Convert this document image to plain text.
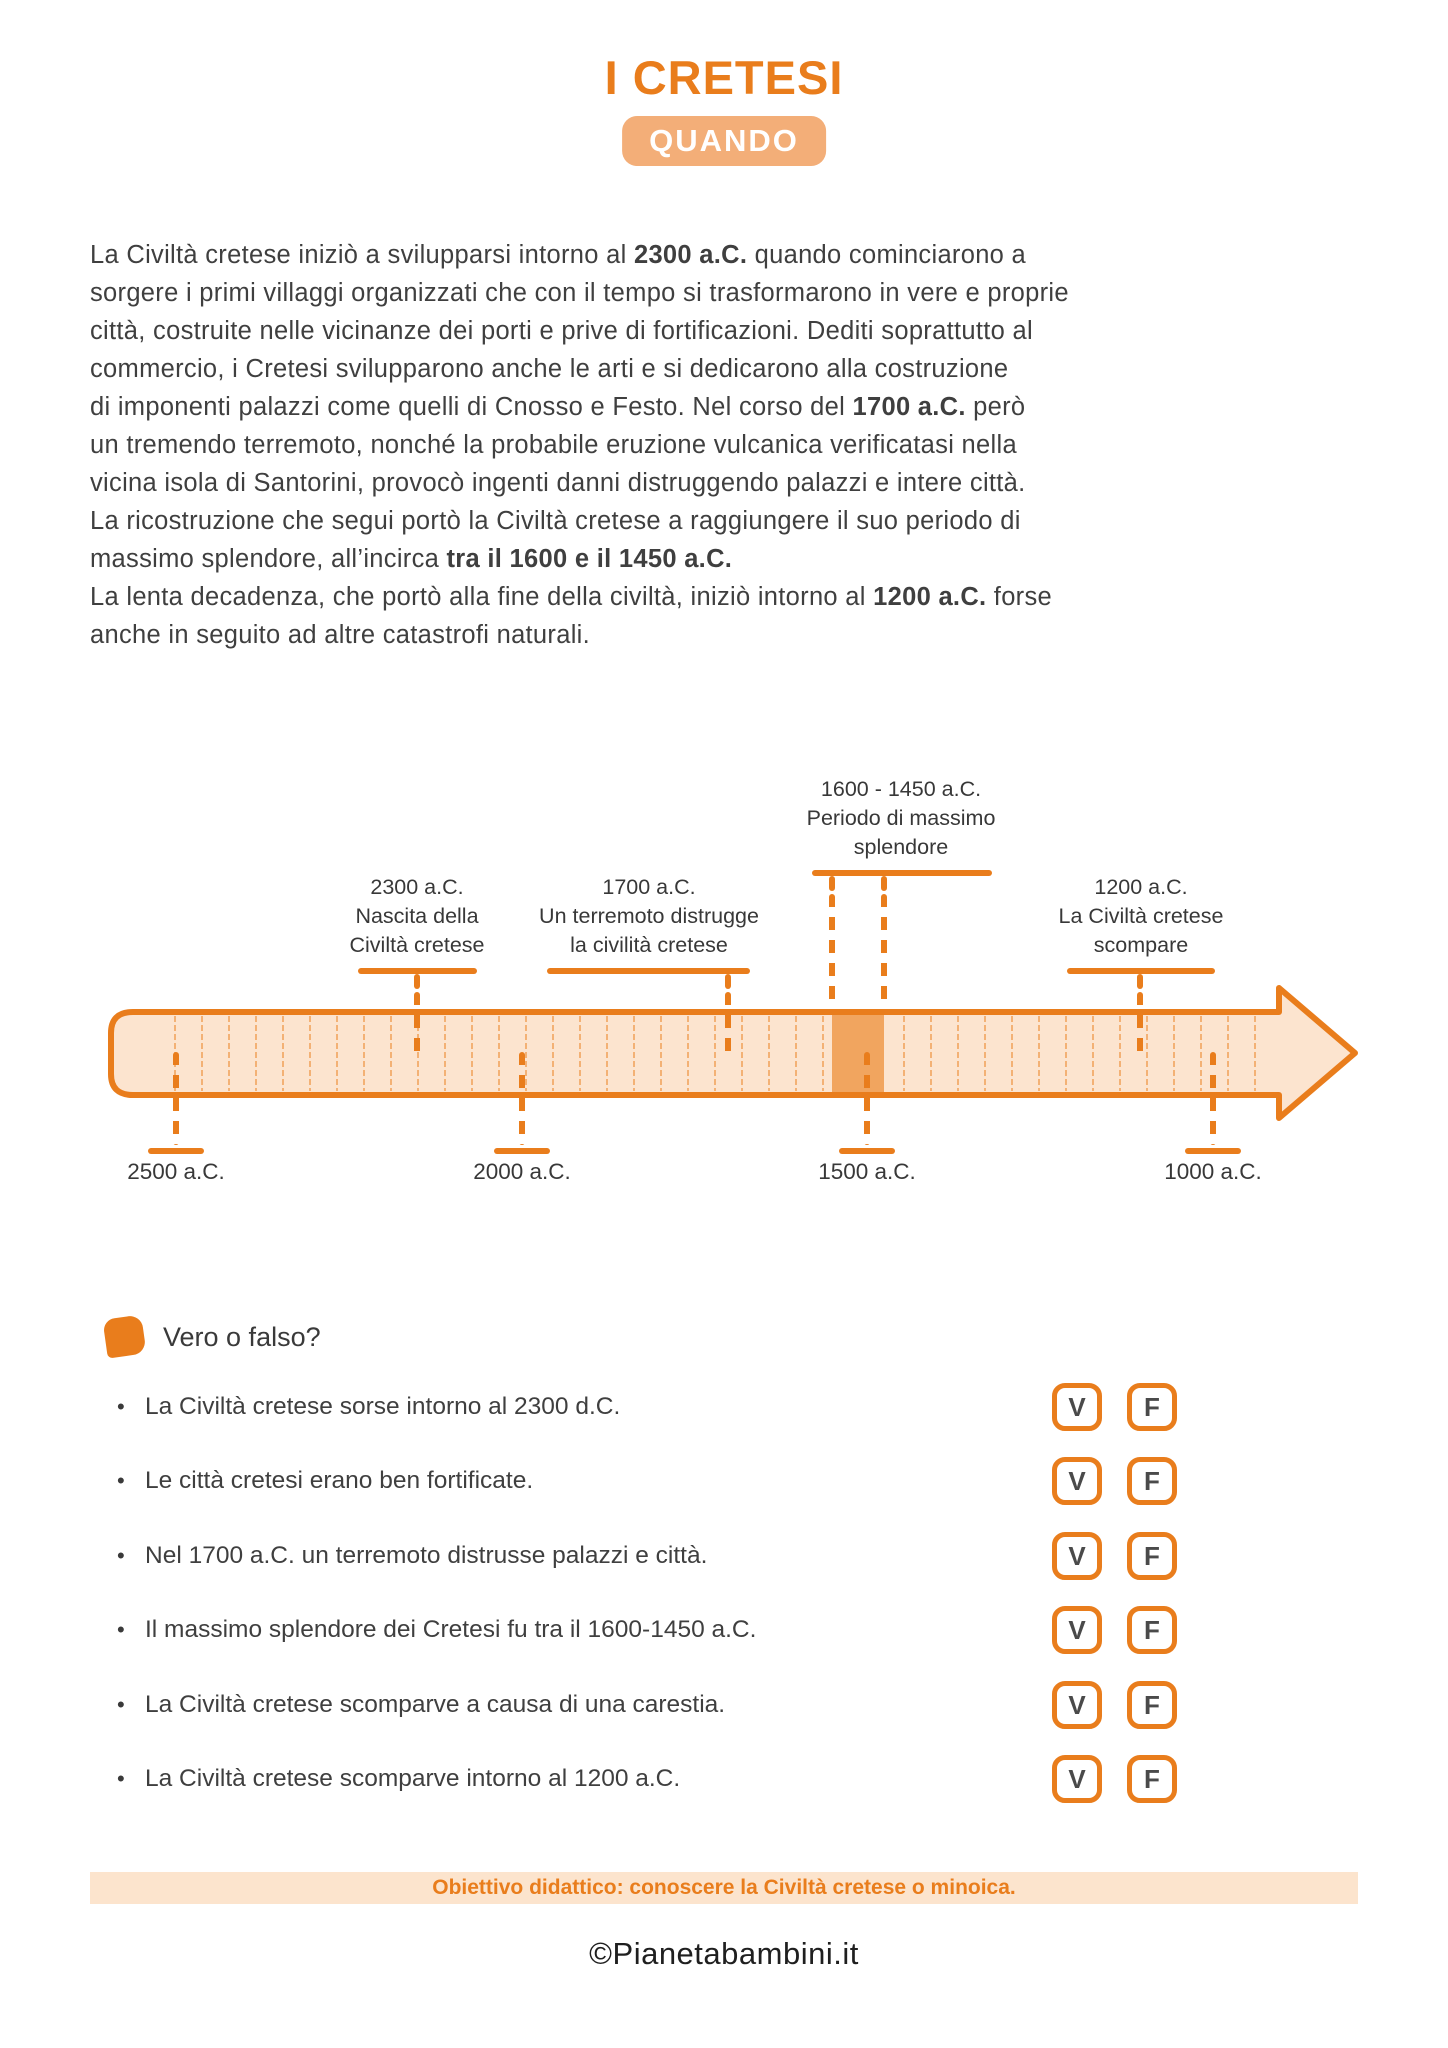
I CRETESI
QUANDO
La Civiltà cretese iniziò a svilupparsi intorno al 2300 a.C. quando cominciarono a
sorgere i primi villaggi organizzati che con il tempo si trasformarono in vere e proprie
città, costruite nelle vicinanze dei porti e prive di fortificazioni. Dediti soprattutto al
commercio, i Cretesi svilupparono anche le arti e si dedicarono alla costruzione
di imponenti palazzi come quelli di Cnosso e Festo. Nel corso del 1700 a.C. però
un tremendo terremoto, nonché la probabile eruzione vulcanica verificatasi nella
vicina isola di Santorini, provocò ingenti danni distruggendo palazzi e intere città.
La ricostruzione che segui portò la Civiltà cretese a raggiungere il suo periodo di
massimo splendore, all’incirca tra il 1600 e il 1450 a.C.
La lenta decadenza, che portò alla fine della civiltà, iniziò intorno al 1200 a.C. forse
anche in seguito ad altre catastrofi naturali.
2300 a.C.
Nascita della
Civiltà cretese
1700 a.C.
Un terremoto distrugge
la civilità cretese
1600 - 1450 a.C.
Periodo di massimo
splendore
1200 a.C.
La Civiltà cretese
scompare
2500 a.C.	2000 a.C.	1500 a.C.	1000 a.C.
Vero o falso?
• La Civiltà cretese sorse intorno al 2300 d.C.	V	F
• Le città cretesi erano ben fortificate.	V	F
• Nel 1700 a.C. un terremoto distrusse palazzi e città.	V	F
• Il massimo splendore dei Cretesi fu tra il 1600-1450 a.C.	V	F
• La Civiltà cretese scomparve a causa di una carestia.	V	F
• La Civiltà cretese scomparve intorno al 1200 a.C.	V	F
Obiettivo didattico: conoscere la Civiltà cretese o minoica.
©Pianetabambini.it
